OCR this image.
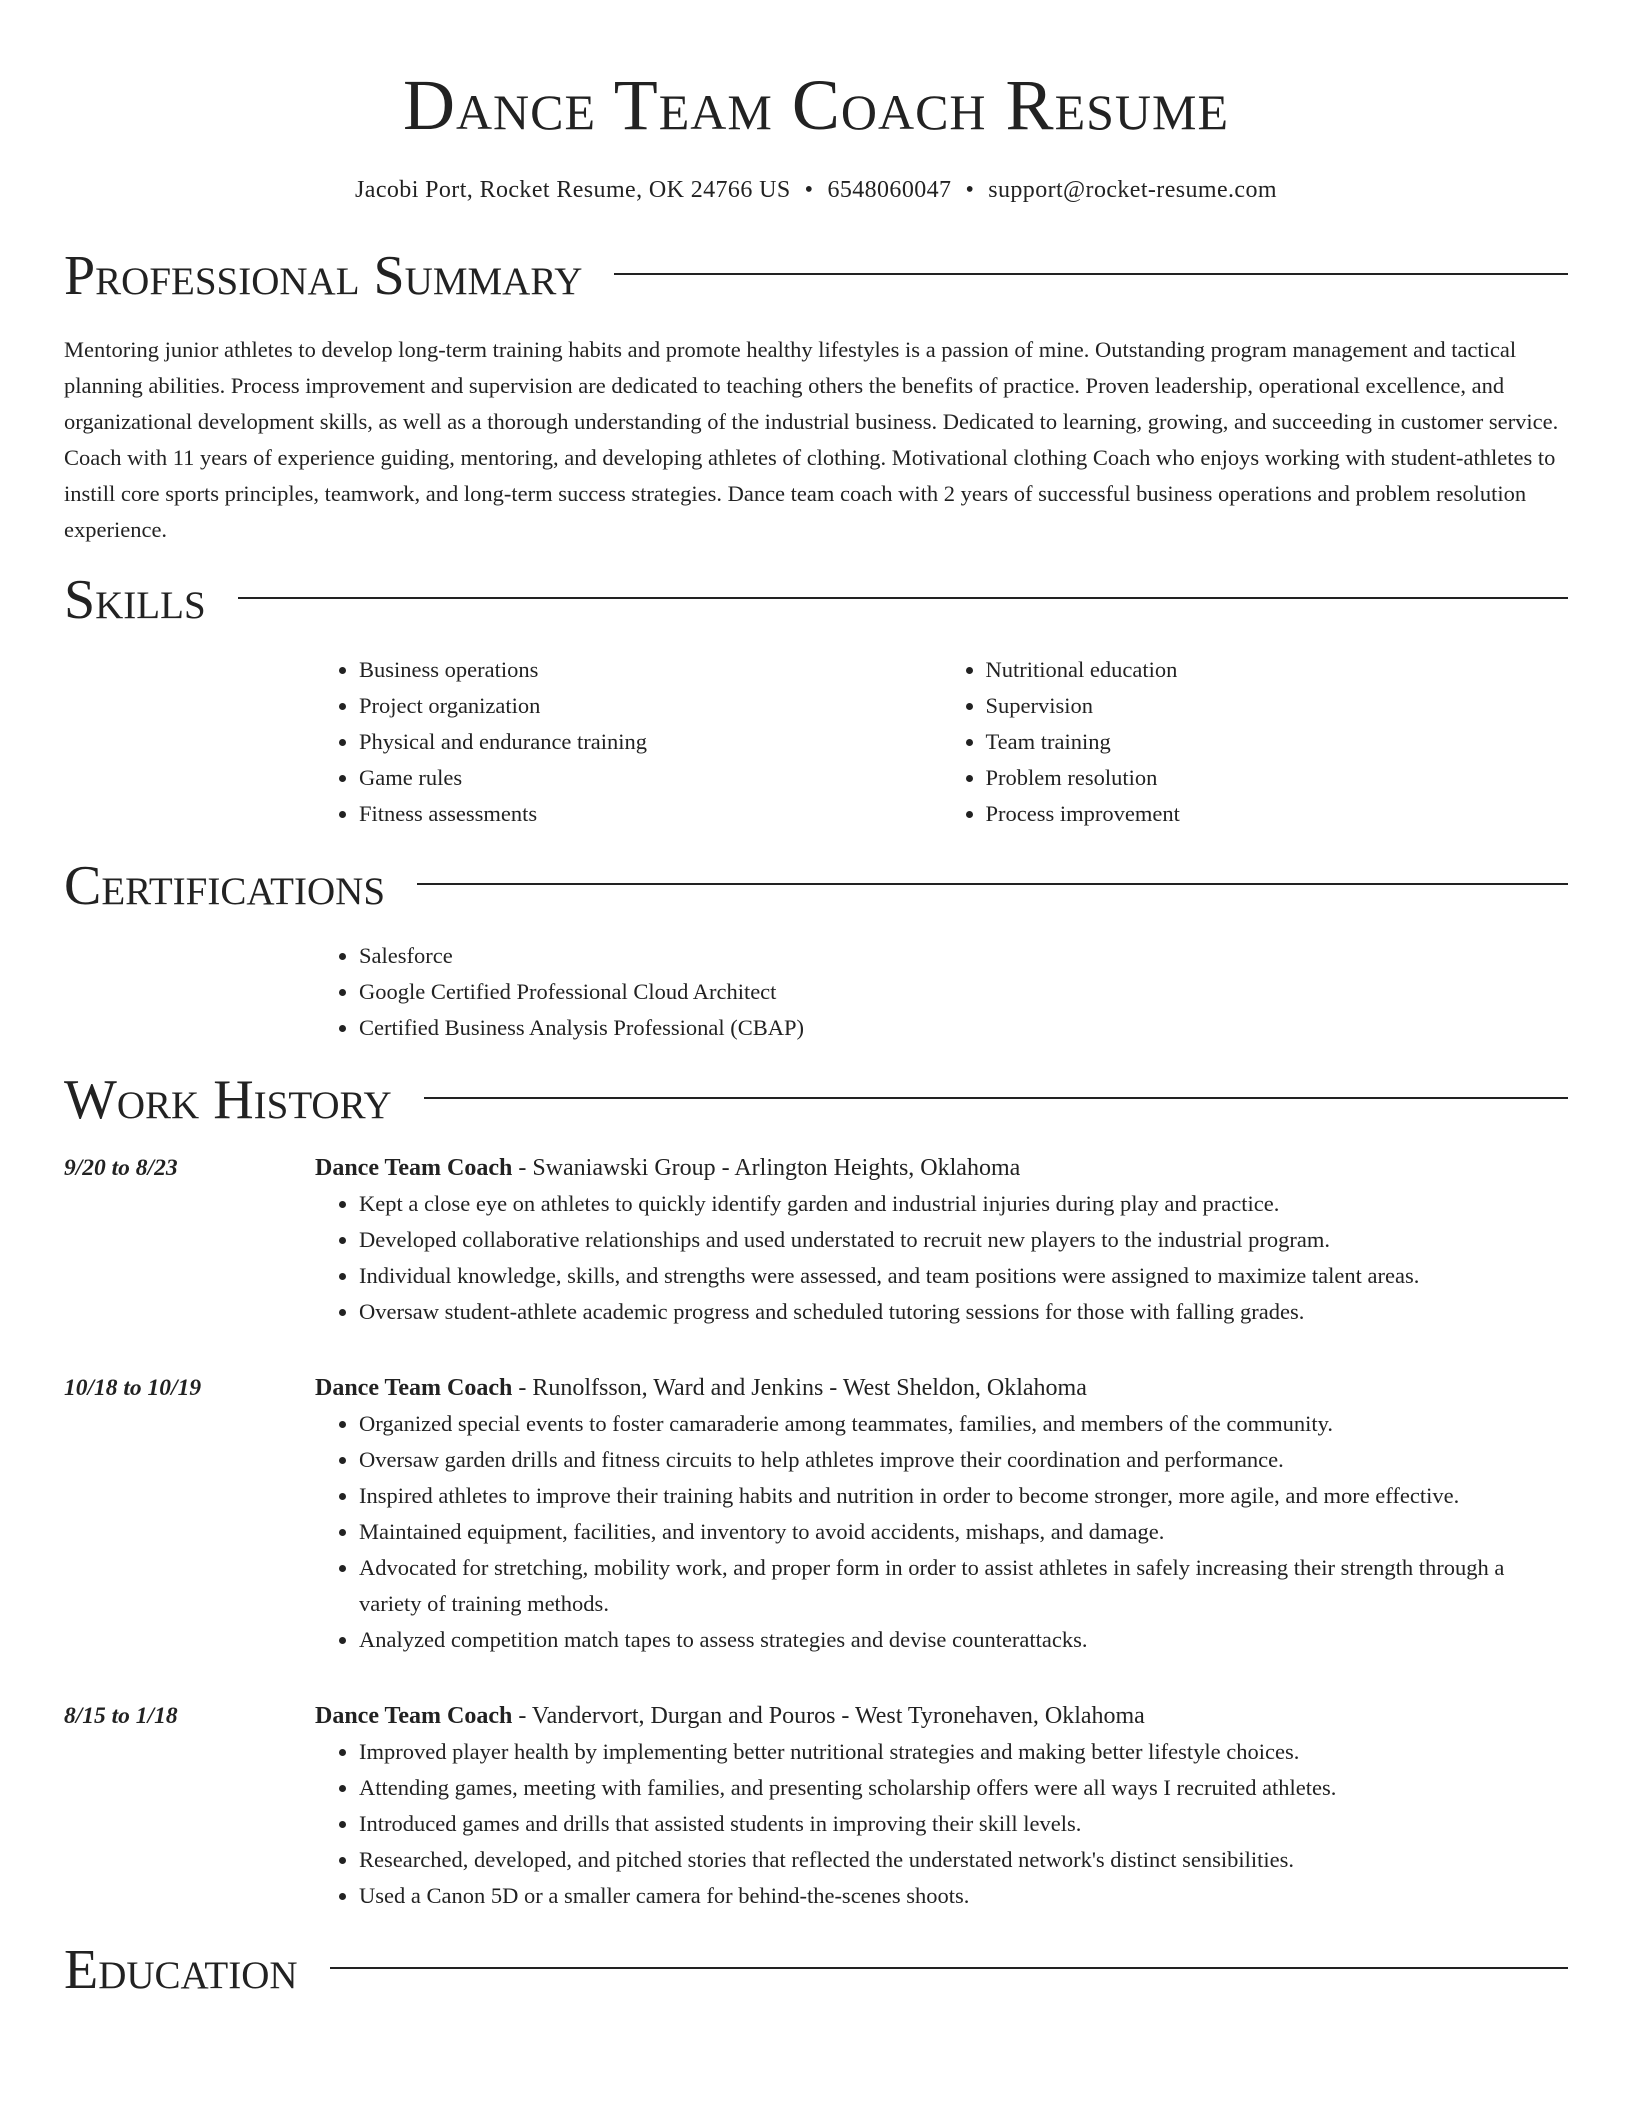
Dance Team Coach Resume
Jacobi Port, Rocket Resume, OK 24766 US • 6548060047 • support@rocket-resume.com
Professional Summary

Mentoring junior athletes to develop long-term training habits and promote healthy lifestyles is a passion of mine. Outstanding program management and tactical planning abilities. Process improvement and supervision are dedicated to teaching others the benefits of practice. Proven leadership, operational excellence, and organizational development skills, as well as a thorough understanding of the industrial business. Dedicated to learning, growing, and succeeding in customer service. Coach with 11 years of experience guiding, mentoring, and developing athletes of clothing. Motivational clothing Coach who enjoys working with student-athletes to instill core sports principles, teamwork, and long-term success strategies. Dance team coach with 2 years of successful business operations and problem resolution experience.

Skills
• Business operations
• Project organization
• Physical and endurance training
• Game rules
• Fitness assessments
• Nutritional education
• Supervision
• Team training
• Problem resolution
• Process improvement
Certifications
• Salesforce
• Google Certified Professional Cloud Architect
• Certified Business Analysis Professional (CBAP)
Work History
9/20 to 8/23	Dance Team Coach - Swaniawski Group - Arlington Heights, Oklahoma
• Kept a close eye on athletes to quickly identify garden and industrial injuries during play and practice.
• Developed collaborative relationships and used understated to recruit new players to the industrial program.
• Individual knowledge, skills, and strengths were assessed, and team positions were assigned to maximize talent areas.
• Oversaw student-athlete academic progress and scheduled tutoring sessions for those with falling grades.
10/18 to 10/19	Dance Team Coach - Runolfsson, Ward and Jenkins - West Sheldon, Oklahoma
• Organized special events to foster camaraderie among teammates, families, and members of the community.
• Oversaw garden drills and fitness circuits to help athletes improve their coordination and performance.
• Inspired athletes to improve their training habits and nutrition in order to become stronger, more agile, and more effective.
• Maintained equipment, facilities, and inventory to avoid accidents, mishaps, and damage.
• Advocated for stretching, mobility work, and proper form in order to assist athletes in safely increasing their strength through a variety of training methods.
• Analyzed competition match tapes to assess strategies and devise counterattacks.
8/15 to 1/18	Dance Team Coach - Vandervort, Durgan and Pouros - West Tyronehaven, Oklahoma
• Improved player health by implementing better nutritional strategies and making better lifestyle choices.
• Attending games, meeting with families, and presenting scholarship offers were all ways I recruited athletes.
• Introduced games and drills that assisted students in improving their skill levels.
• Researched, developed, and pitched stories that reflected the understated network's distinct sensibilities.
• Used a Canon 5D or a smaller camera for behind-the-scenes shoots.
Education
